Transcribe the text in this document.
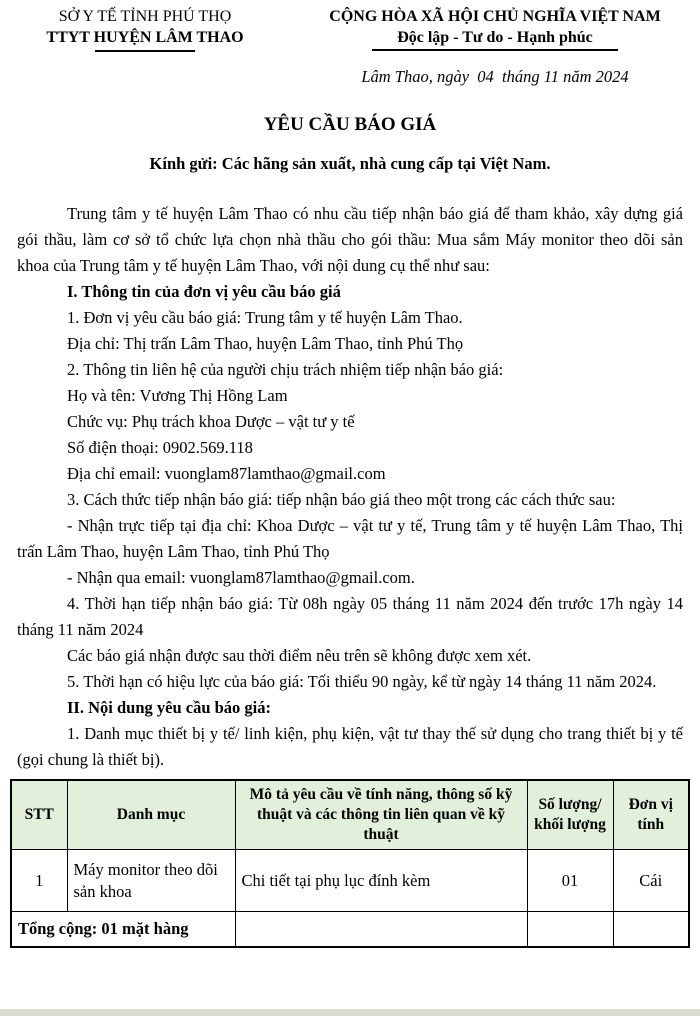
SỞ Y TẾ TỈNH PHÚ THỌ
TTYT HUYỆN LÂM THAO
CỘNG HÒA XÃ HỘI CHỦ NGHĨA VIỆT NAM
Độc lập - Tư do - Hạnh phúc
Lâm Thao, ngày  04  tháng 11 năm 2024
YÊU CẦU BÁO GIÁ
Kính gửi: Các hãng sản xuất, nhà cung cấp tại Việt Nam.

Trung tâm y tế huyện Lâm Thao có nhu cầu tiếp nhận báo giá để tham khảo, xây dựng giá gói thầu, làm cơ sở tổ chức lựa chọn nhà thầu cho gói thầu: Mua sắm Máy monitor theo dõi sản khoa của Trung tâm y tế huyện Lâm Thao, với nội dung cụ thể như sau:

I. Thông tin của đơn vị yêu cầu báo giá

1. Đơn vị yêu cầu báo giá: Trung tâm y tế huyện Lâm Thao.

Địa chỉ: Thị trấn Lâm Thao, huyện Lâm Thao, tỉnh Phú Thọ

2. Thông tin liên hệ của người chịu trách nhiệm tiếp nhận báo giá:

Họ và tên: Vương Thị Hồng Lam

Chức vụ: Phụ trách khoa Dược – vật tư y tế

Số điện thoại: 0902.569.118

Địa chỉ email: vuonglam87lamthao@gmail.com

3. Cách thức tiếp nhận báo giá: tiếp nhận báo giá theo một trong các cách thức sau:

- Nhận trực tiếp tại địa chỉ: Khoa Dược – vật tư y tế, Trung tâm y tế huyện Lâm Thao, Thị trấn Lâm Thao, huyện Lâm Thao, tỉnh Phú Thọ

- Nhận qua email: vuonglam87lamthao@gmail.com.

4. Thời hạn tiếp nhận báo giá: Từ 08h ngày 05 tháng 11 năm 2024 đến trước 17h ngày 14 tháng 11 năm 2024

Các báo giá nhận được sau thời điểm nêu trên sẽ không được xem xét.

5. Thời hạn có hiệu lực của báo giá: Tối thiểu 90 ngày, kể từ ngày 14 tháng 11 năm 2024.

II. Nội dung yêu cầu báo giá:

1. Danh mục thiết bị y tế/ linh kiện, phụ kiện, vật tư thay thế sử dụng cho trang thiết bị y tế (gọi chung là thiết bị).

STT	Danh mục	Mô tả yêu cầu về tính năng, thông số kỹ thuật và các thông tin liên quan về kỹ thuật	Số lượng/ khối lượng	Đơn vị tính
1	Máy monitor theo dõi sản khoa	Chi tiết tại phụ lục đính kèm	01	Cái
Tổng cộng: 01 mặt hàng				
